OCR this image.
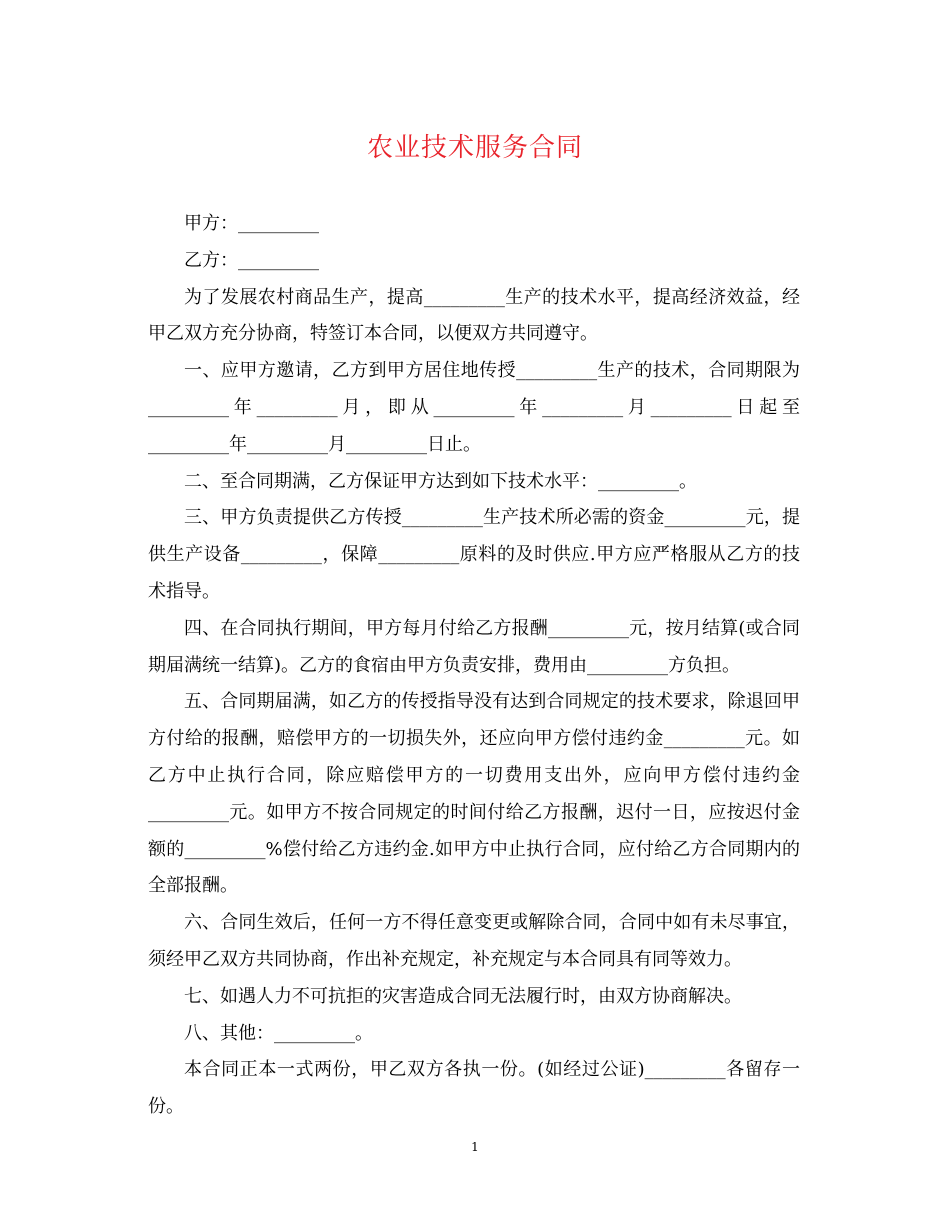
农业技术服务合同

甲方：_________

乙方：_________

为了发展农村商品生产，提高_________生产的技术水平，提高经济效益，经甲乙双方充分协商，特签订本合同，以便双方共同遵守。

一、应甲方邀请，乙方到甲方居住地传授_________生产的技术，合同期限为_________年_________月，即从_________年_________月_________日起至_________年_________月_________日止。

二、至合同期满，乙方保证甲方达到如下技术水平：_________。

三、甲方负责提供乙方传授_________生产技术所必需的资金_________元，提供生产设备_________，保障_________原料的及时供应.甲方应严格服从乙方的技术指导。

四、在合同执行期间，甲方每月付给乙方报酬_________元，按月结算(或合同期届满统一结算)。乙方的食宿由甲方负责安排，费用由_________方负担。

五、合同期届满，如乙方的传授指导没有达到合同规定的技术要求，除退回甲方付给的报酬，赔偿甲方的一切损失外，还应向甲方偿付违约金_________元。如乙方中止执行合同，除应赔偿甲方的一切费用支出外，应向甲方偿付违约金_________元。如甲方不按合同规定的时间付给乙方报酬，迟付一日，应按迟付金额的_________%偿付给乙方违约金.如甲方中止执行合同，应付给乙方合同期内的全部报酬。

六、合同生效后，任何一方不得任意变更或解除合同，合同中如有未尽事宜，须经甲乙双方共同协商，作出补充规定，补充规定与本合同具有同等效力。

七、如遇人力不可抗拒的灾害造成合同无法履行时，由双方协商解决。

八、其他：_________。

本合同正本一式两份，甲乙双方各执一份。(如经过公证)_________各留存一份。

1
